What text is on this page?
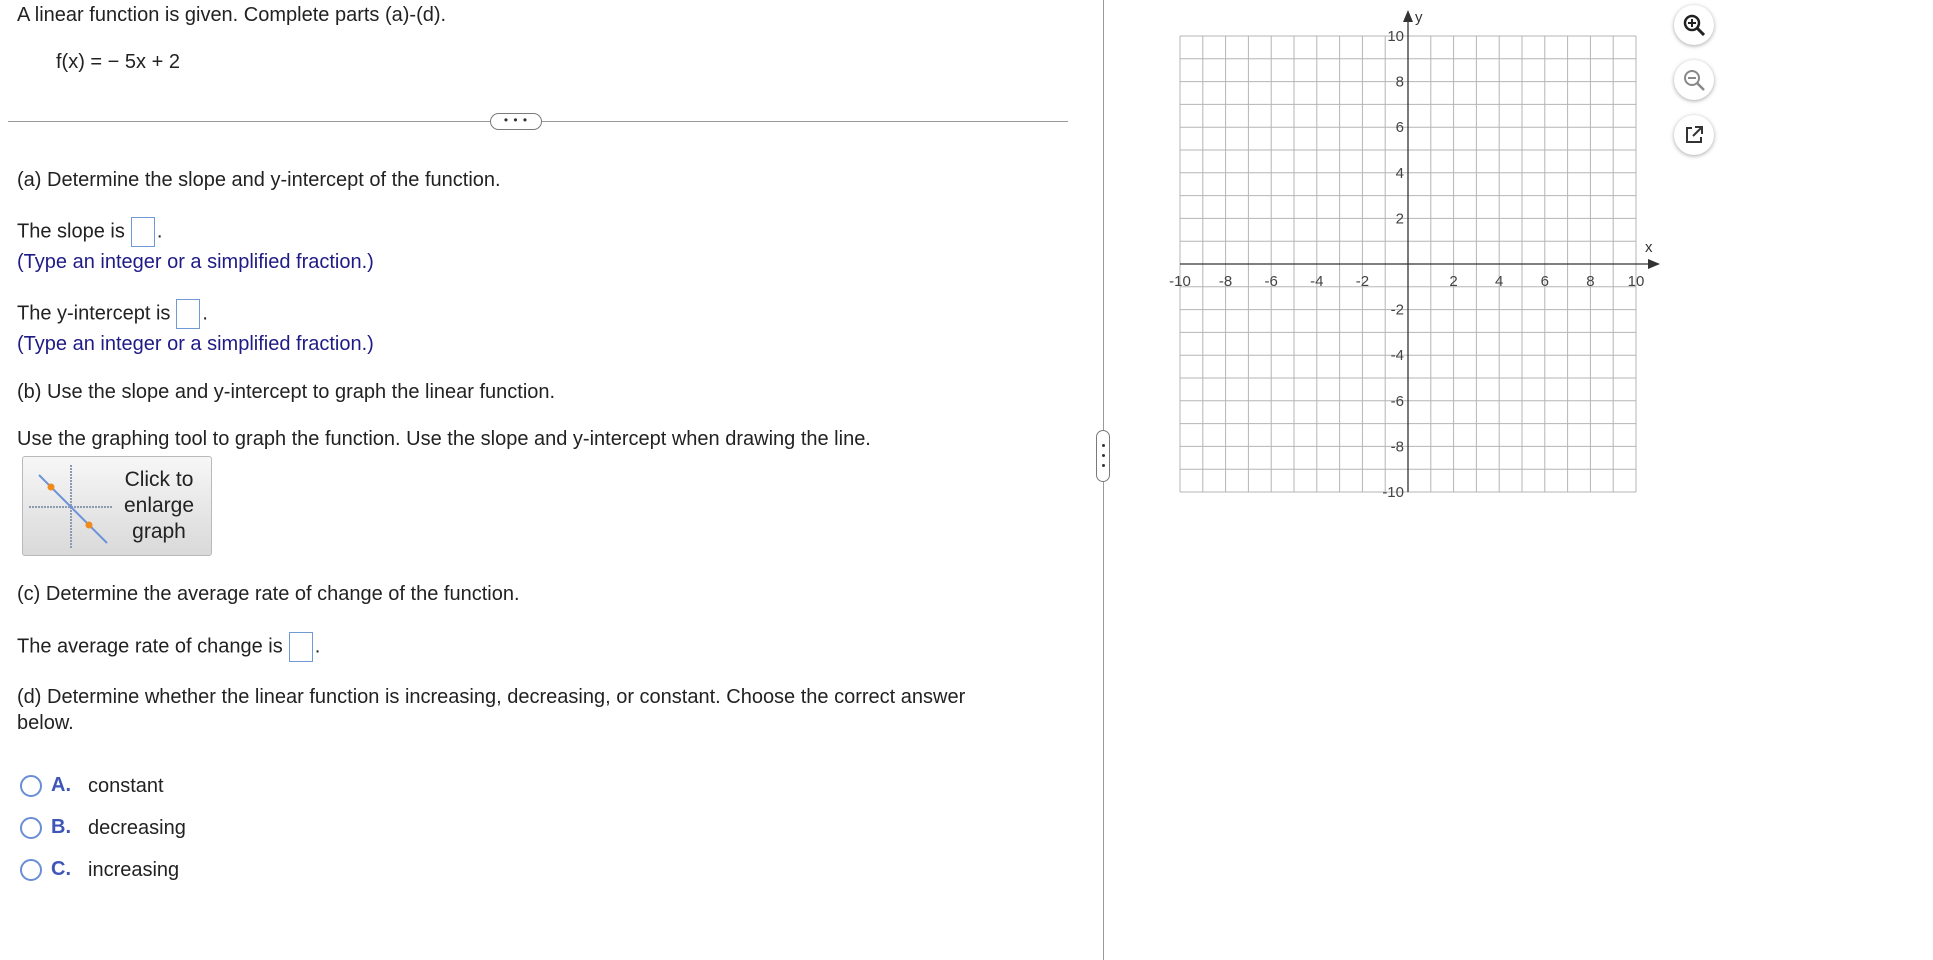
A linear function is given. Complete parts (a)-(d).
f(x) = − 5x + 2
• • •
(a) Determine the slope and y-intercept of the function.
The slope is .
(Type an integer or a simplified fraction.)
The y-intercept is .
(Type an integer or a simplified fraction.)
(b) Use the slope and y-intercept to graph the linear function.
Use the graphing tool to graph the function. Use the slope and y-intercept when drawing the line.
Click to enlarge graph
(c) Determine the average rate of change of the function.
The average rate of change is .
(d) Determine whether the linear function is increasing, decreasing, or constant. Choose the correct answer
below.
A. constant
B. decreasing
C. increasing
-10
-10
-8
-8
-6
-6
-4
-4
-2
-2
2
2
4
4
6
6
8
8
10
10
x
y
